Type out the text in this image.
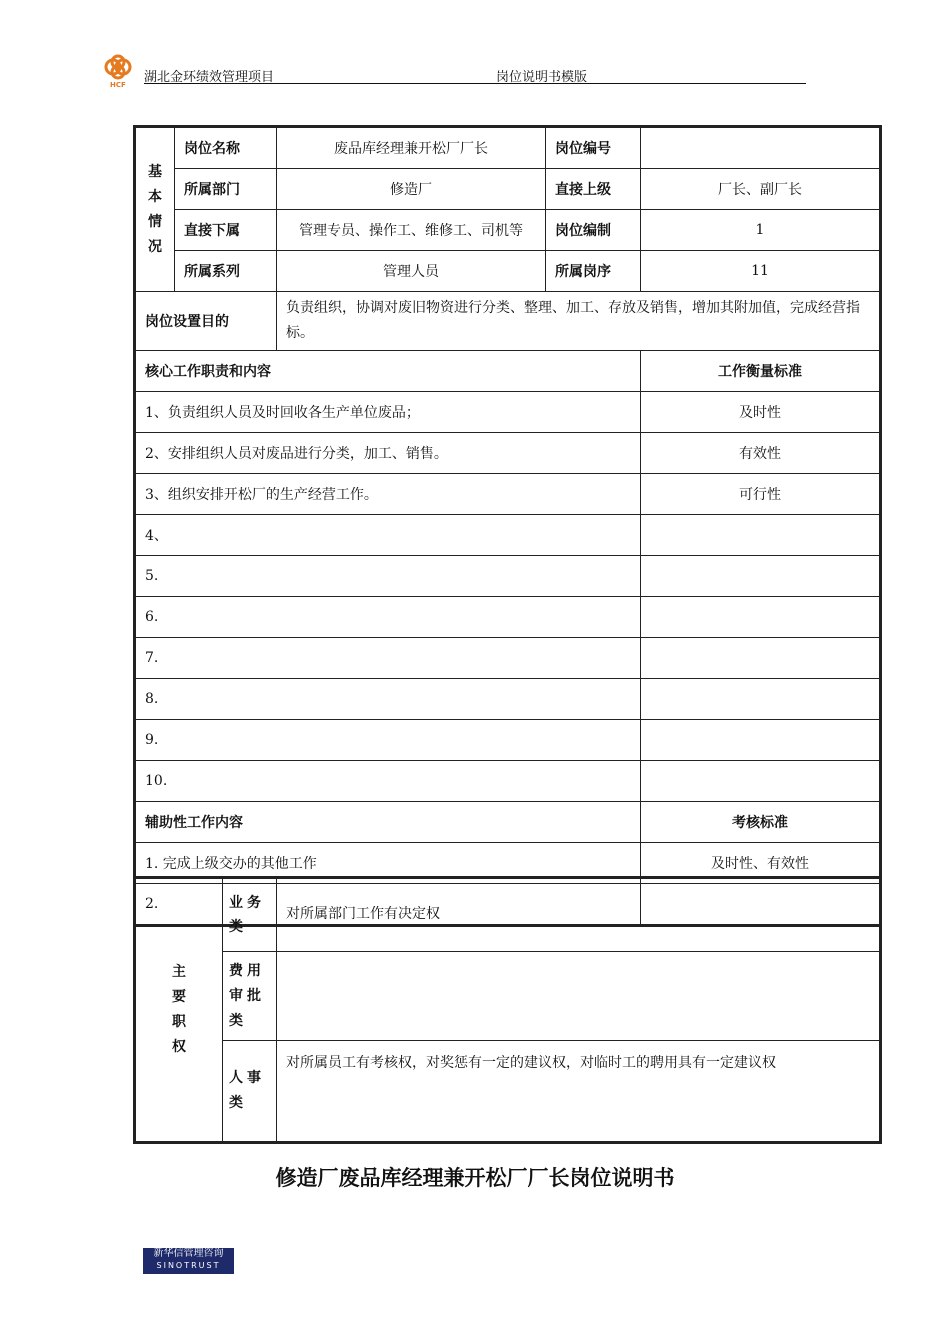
HCF 湖北金环绩效管理项目	岗位说明书模版
基
本
情
况	岗位名称	废品库经理兼开松厂厂长	岗位编号	
	所属部门	修造厂	直接上级	厂长、副厂长
	直接下属	管理专员、操作工、维修工、司机等	岗位编制	1
	所属系列	管理人员	所属岗序	11
岗位设置目的		负责组织，协调对废旧物资进行分类、整理、加工、存放及销售，增加其附加值，完成经营指标。		
核心工作职责和内容				工作衡量标准
1、负责组织人员及时回收各生产单位废品；				及时性
2、安排组织人员对废品进行分类，加工、销售。				有效性
3、组织安排开松厂的生产经营工作。				可行性
4、				
5.				
6.				
7.				
8.				
9.				
10.				
辅助性工作内容				考核标准
1. 完成上级交办的其他工作				及时性、有效性
2.				
主
要
职
权	业务类	对所属部门工作有决定权
	费用审批类	
	人事类	对所属员工有考核权，对奖惩有一定的建议权，对临时工的聘用具有一定建议权
修造厂废品库经理兼开松厂厂长岗位说明书
新华信管理咨询
SINOTRUST
